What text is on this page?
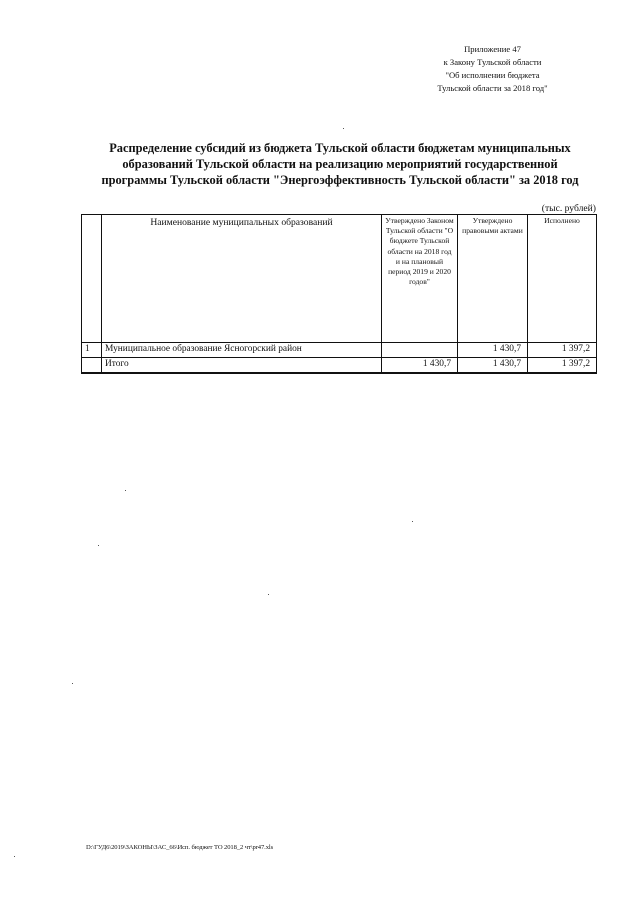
Приложение 47
к Закону Тульской области
"Об исполнении бюджета
Тульской области за 2018 год"
Распределение субсидий из бюджета Тульской области бюджетам муниципальных
образований Тульской области на реализацию мероприятий государственной
программы Тульской области "Энергоэффективность Тульской области" за 2018 год
(тыс. рублей)
	Наименование муниципальных образований	Утверждено Законом Тульской области "О бюджете Тульской области на 2018 год и на плановый период 2019 и 2020 годов"	Утверждено правовыми актами	Исполнено
1	Муниципальное образование Ясногорский район		1 430,7	1 397,2
	Итого	1 430,7	1 430,7	1 397,2
D:\ГУД6\2019\ЗАКОНЫ\ЗАС_66\Исп. бюджет ТО 2018_2 чт\pr47.xls
